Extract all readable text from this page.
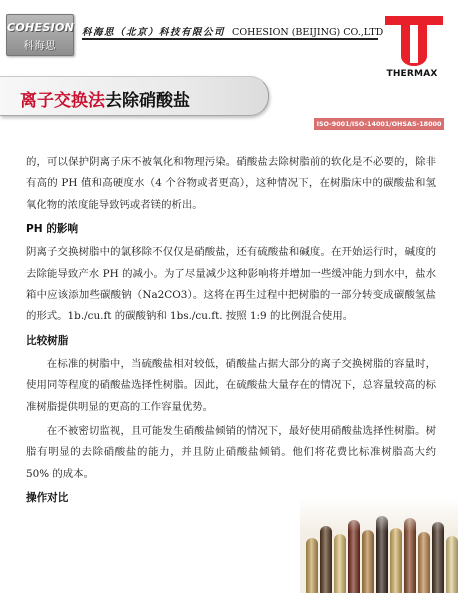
COHESION
科海思
科海思（北京）科技有限公司 COHESION (BEIJING) CO.,LTD
THERMAX
离子交换法去除硝酸盐
ISO-9001/ISO-14001/OHSAS-18000

的，可以保护阴离子床不被氧化和物理污染。硝酸盐去除树脂前的软化是不必要的，除非有高的 PH 值和高硬度水（4 个谷物或者更高），这种情况下，在树脂床中的碳酸盐和氢氧化物的浓度能导致钙或者镁的析出。

PH 的影响

阴离子交换树脂中的氯移除不仅仅是硝酸盐，还有硫酸盐和碱度。在开始运行时，碱度的去除能导致产水 PH 的减小。为了尽量减少这种影响将并增加一些缓冲能力到水中，盐水箱中应该添加些碳酸钠（Na2CO3）。这将在再生过程中把树脂的一部分转变成碳酸氢盐的形式。1b./cu.ft 的碳酸钠和 1bs./cu.ft. 按照 1:9 的比例混合使用。

比较树脂

在标准的树脂中，当硫酸盐相对较低，硝酸盐占据大部分的离子交换树脂的容量时，使用同等程度的硝酸盐选择性树脂。因此，在硫酸盐大量存在的情况下，总容量较高的标准树脂提供明显的更高的工作容量优势。

在不被密切监视，且可能发生硝酸盐倾销的情况下，最好使用硝酸盐选择性树脂。树脂有明显的去除硝酸盐的能力，并且防止硝酸盐倾销。他们将花费比标准树脂高大约 50% 的成本。

操作对比
